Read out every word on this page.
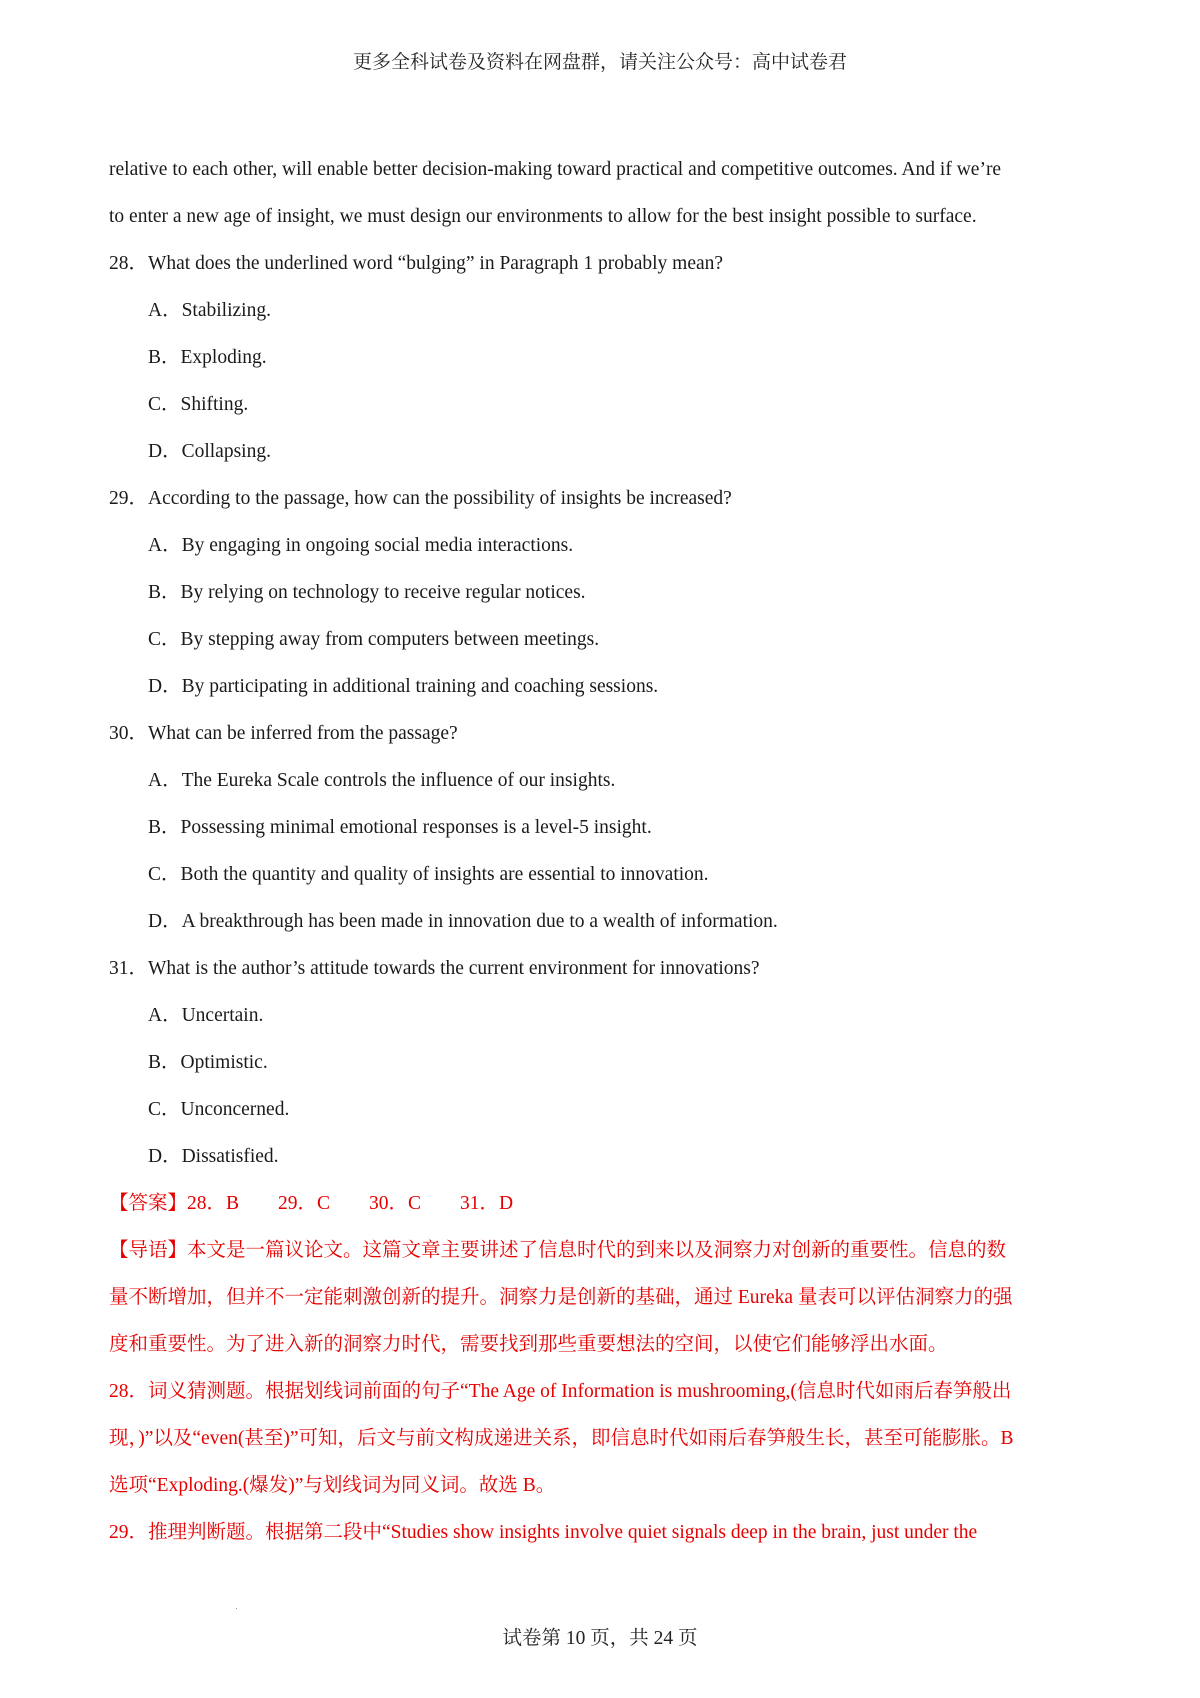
更多全科试卷及资料在网盘群，请关注公众号：高中试卷君
relative to each other, will enable better decision-making toward practical and competitive outcomes. And if we’re
to enter a new age of insight, we must design our environments to allow for the best insight possible to surface.
28．What does the underlined word “bulging” in Paragraph 1 probably mean?
A．Stabilizing.
B．Exploding.
C．Shifting.
D．Collapsing.
29．According to the passage, how can the possibility of insights be increased?
A．By engaging in ongoing social media interactions.
B．By relying on technology to receive regular notices.
C．By stepping away from computers between meetings.
D．By participating in additional training and coaching sessions.
30．What can be inferred from the passage?
A．The Eureka Scale controls the influence of our insights.
B．Possessing minimal emotional responses is a level-5 insight.
C．Both the quantity and quality of insights are essential to innovation.
D．A breakthrough has been made in innovation due to a wealth of information.
31．What is the author’s attitude towards the current environment for innovations?
A．Uncertain.
B．Optimistic.
C．Unconcerned.
D．Dissatisfied.
【答案】28．B　　29．C　　30．C　　31．D
【导语】本文是一篇议论文。这篇文章主要讲述了信息时代的到来以及洞察力对创新的重要性。信息的数
量不断增加，但并不一定能刺激创新的提升。洞察力是创新的基础，通过 Eureka 量表可以评估洞察力的强
度和重要性。为了进入新的洞察力时代，需要找到那些重要想法的空间，以使它们能够浮出水面。
28．词义猜测题。根据划线词前面的句子“The Age of Information is mushrooming,(信息时代如雨后春笋般出
现，)”以及“even(甚至)”可知，后文与前文构成递进关系，即信息时代如雨后春笋般生长，甚至可能膨胀。B
选项“Exploding.(爆发)”与划线词为同义词。故选 B。
29．推理判断题。根据第二段中“Studies show insights involve quiet signals deep in the brain, just under the
试卷第 10 页，共 24 页
